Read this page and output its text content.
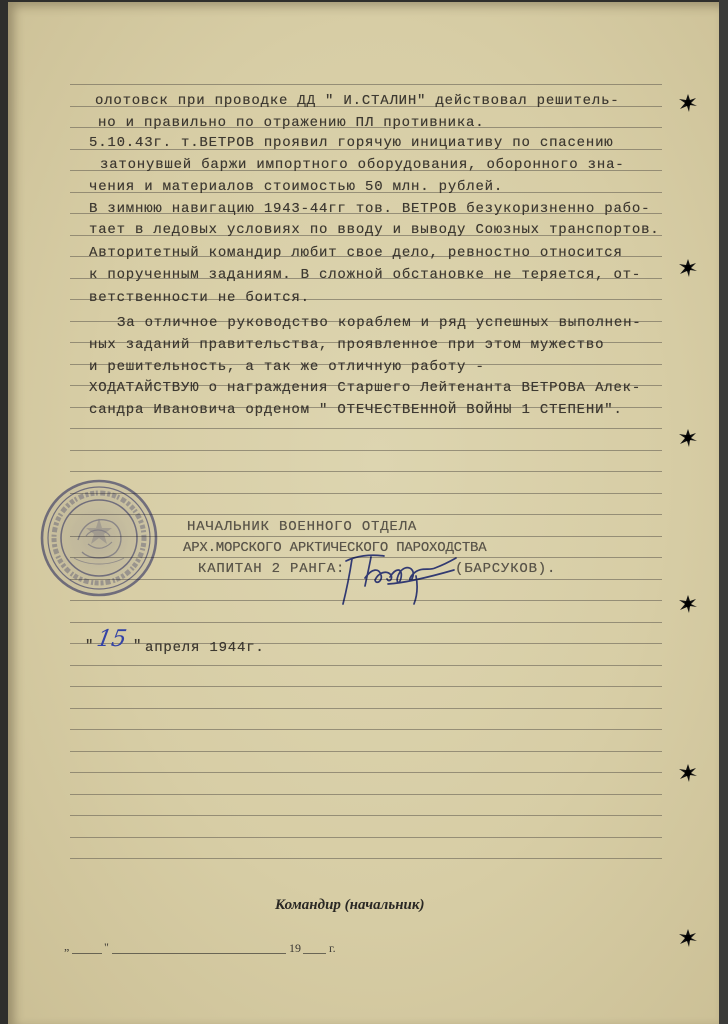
олотовск при проводке ДД " И.СТАЛИН" действовал решитель-
но и правильно по отражению ПЛ противника.
5.10.43г. т.ВЕТРОВ проявил горячую инициативу по спасению
затонувшей баржи импортного оборудования, оборонного зна-
чения и материалов стоимостью 50 млн. рублей.
В зимнюю навигацию 1943-44гг тов. ВЕТРОВ безукоризненно рабо-
тает в ледовых условиях по вводу и выводу Союзных транспортов.
Авторитетный командир любит свое дело, ревностно относится
к порученным заданиям. В сложной обстановке не теряется, от-
ветственности не боится.
За отличное руководство кораблем и ряд успешных выполнен-
ных заданий правительства, проявленное при этом мужество
и решительность, а так же отличную работу -
ХОДАТАЙСТВУЮ о награждения Старшего Лейтенанта ВЕТРОВА Алек-
сандра Ивановича орденом " ОТЕЧЕСТВЕННОЙ ВОЙНЫ 1 СТЕПЕНИ".
НАЧАЛЬНИК ВОЕННОГО ОТДЕЛА
АРХ.МОРСКОГО АРКТИЧЕСКОГО ПАРОХОДСТВА
КАПИТАН 2 РАНГА:	(БАРСУКОВ).
" 15 " апреля 1944г.
Командир (начальник)
„	"	19 г.
